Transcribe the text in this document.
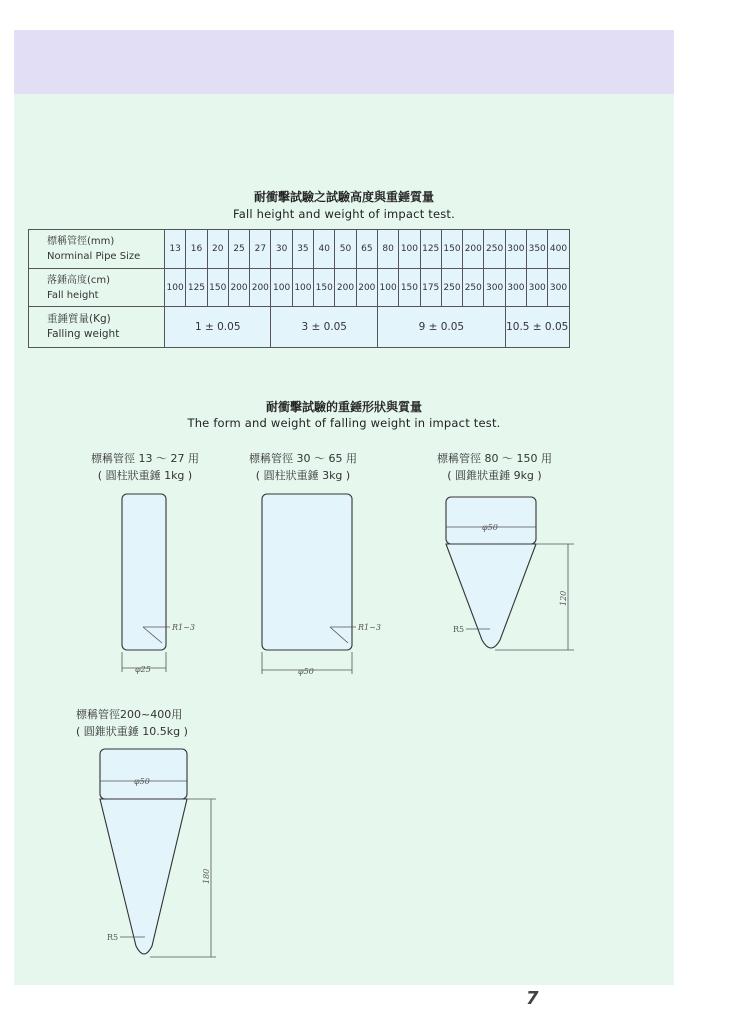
耐衝擊試驗之試驗高度與重錘質量
Fall height and weight of impact test.
標稱管徑(mm)
Norminal Pipe Size	13	16	20	25	27	30	35	40	50	65	80	100	125	150	200	250	300	350	400

落錘高度(cm)
Fall height	100	125	150	200	200	100	100	150	200	200	100	150	175	250	250	300	300	300	300

重錘質量(Kg)
Falling weight	1 ± 0.05					3 ± 0.05					9 ± 0.05						10.5 ± 0.05		
耐衝擊試驗的重錘形狀與質量
The form and weight of falling weight in impact test.
標稱管徑 13 ～ 27 用
( 圓柱狀重錘 1kg )
標稱管徑 30 ～ 65 用
( 圓柱狀重錘 3kg )
標稱管徑 80 ～ 150 用
( 圓錐狀重錘 9kg )
標稱管徑200~400用
( 圓錐狀重錘 10.5kg )
R1~3
φ25
R1~3
φ50
φ50
120
R5
φ50
180
R5
7
